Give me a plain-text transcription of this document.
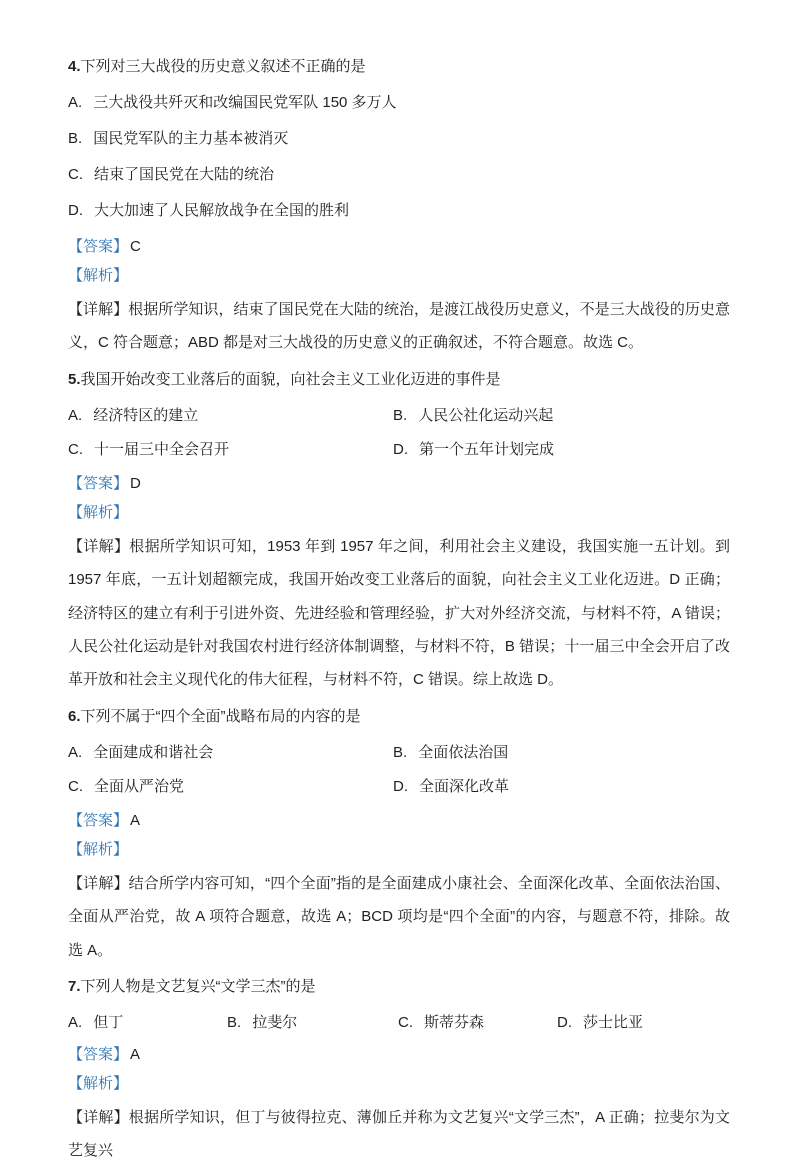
4.下列对三大战役的历史意义叙述不正确的是

A. 三大战役共歼灭和改编国民党军队 150 多万人

B. 国民党军队的主力基本被消灭

C. 结束了国民党在大陆的统治

D. 大大加速了人民解放战争在全国的胜利

【答案】 C

【解析】

【详解】根据所学知识，结束了国民党在大陆的统治，是渡江战役历史意义，不是三大战役的历史意义，C 符合题意；ABD 都是对三大战役的历史意义的正确叙述，不符合题意。故选 C。

5.我国开始改变工业落后的面貌，向社会主义工业化迈进的事件是

A. 经济特区的建立	B. 人民公社化运动兴起

C. 十一届三中全会召开	D. 第一个五年计划完成

【答案】 D

【解析】

【详解】根据所学知识可知，1953 年到 1957 年之间，利用社会主义建设，我国实施一五计划。到 1957 年底，一五计划超额完成，我国开始改变工业落后的面貌，向社会主义工业化迈进。D 正确；经济特区的建立有利于引进外资、先进经验和管理经验，扩大对外经济交流，与材料不符，A 错误；人民公社化运动是针对我国农村进行经济体制调整，与材料不符，B 错误；十一届三中全会开启了改革开放和社会主义现代化的伟大征程，与材料不符，C 错误。综上故选 D。

6.下列不属于“四个全面”战略布局的内容的是

A. 全面建成和谐社会	B. 全面依法治国

C. 全面从严治党	D. 全面深化改革

【答案】 A

【解析】

【详解】结合所学内容可知，“四个全面”指的是全面建成小康社会、全面深化改革、全面依法治国、全面从严治党，故 A 项符合题意，故选 A；BCD 项均是“四个全面”的内容，与题意不符，排除。故选 A。

7.下列人物是文艺复兴“文学三杰”的是

A. 但丁	B. 拉斐尔	C. 斯蒂芬森	D. 莎士比亚

【答案】 A

【解析】

【详解】根据所学知识，但丁与彼得拉克、薄伽丘并称为文艺复兴“文学三杰”，A 正确；拉斐尔为文艺复兴
